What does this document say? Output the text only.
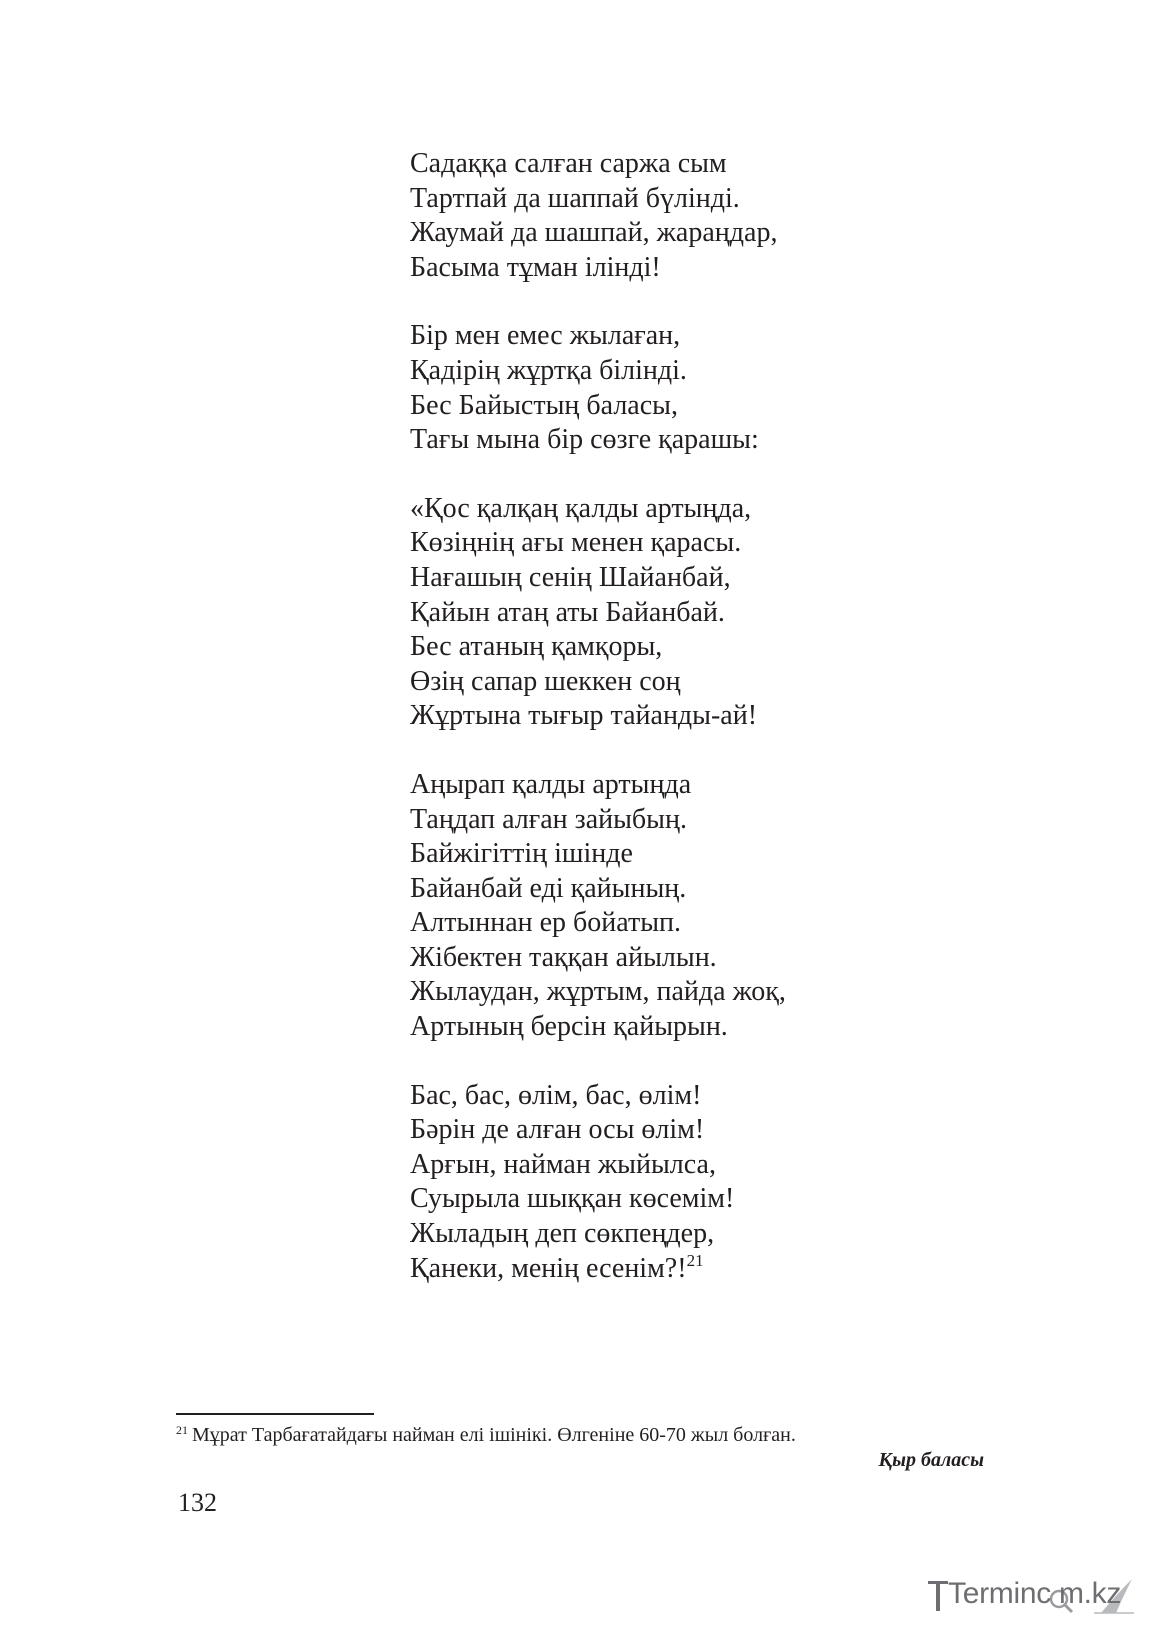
Садаққа салған саржа сым
Тартпай да шаппай бүлінді.
Жаумай да шашпай, жараңдар,
Басыма тұман ілінді!
Бір мен емес жылаған,
Қадірің жұртқа білінді.
Бес Байыстың баласы,
Тағы мына бір сөзге қарашы:
«Қос қалқаң қалды артыңда,
Көзіңнің ағы менен қарасы.
Нағашың сенің Шайанбай,
Қайын атаң аты Байанбай.
Бес атаның қамқоры,
Өзің сапар шеккен соң
Жұртына тығыр тайанды-ай!
Аңырап қалды артыңда
Таңдап алған зайыбың.
Байжігіттің ішінде
Байанбай еді қайының.
Алтыннан ер бойатып.
Жібектен таққан айылын.
Жылаудан, жұртым, пайда жоқ,
Артының берсін қайырын.
Бас, бас, өлім, бас, өлім!
Бәрін де алған осы өлім!
Арғын, найман жыйылса,
Суырыла шыққан көсемім!
Жыладың деп сөкпеңдер,
Қанеки, менің есенім?!$^{21}$
$^{21}$ Мұрат Тарбағатайдағы найман елі ішінікі. Өлгеніне 60-70 жыл болған.
Қыр баласы
132
Terminc m.kz
